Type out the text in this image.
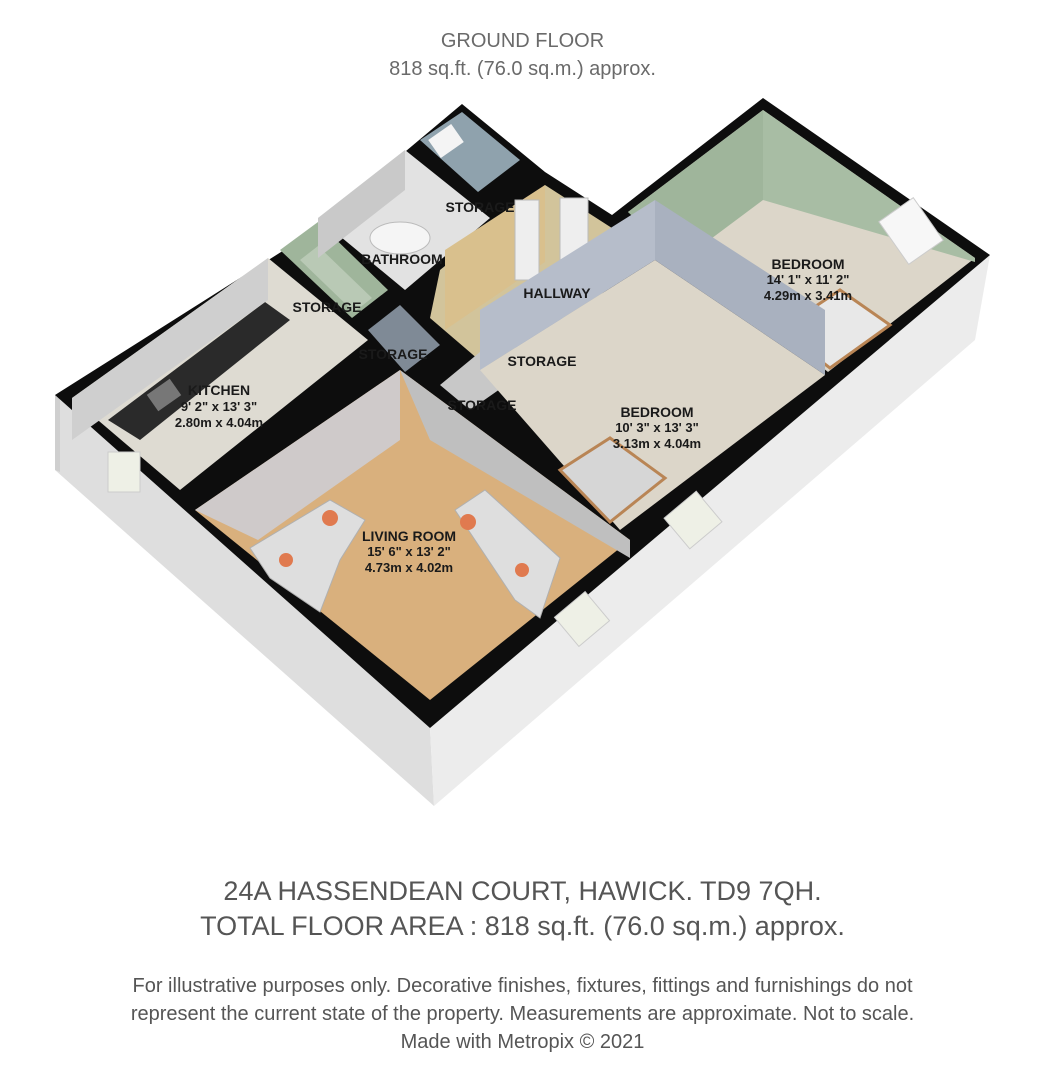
GROUND FLOOR
818 sq.ft. (76.0 sq.m.) approx.
STORAGE
BATHROOM
HALLWAY
STORAGE
STORAGE	STORAGE
STORAGE
KITCHEN
9' 2" x 13' 3"
2.80m x 4.04m
BEDROOM
14' 1" x 11' 2"
4.29m x 3.41m
BEDROOM
10' 3" x 13' 3"
3.13m x 4.04m
LIVING ROOM
15' 6" x 13' 2"
4.73m x 4.02m
24A HASSENDEAN COURT, HAWICK. TD9 7QH.
TOTAL FLOOR AREA : 818 sq.ft. (76.0 sq.m.) approx.
For illustrative purposes only. Decorative finishes, fixtures, fittings and furnishings do not
represent the current state of the property. Measurements are approximate. Not to scale.
Made with Metropix © 2021
